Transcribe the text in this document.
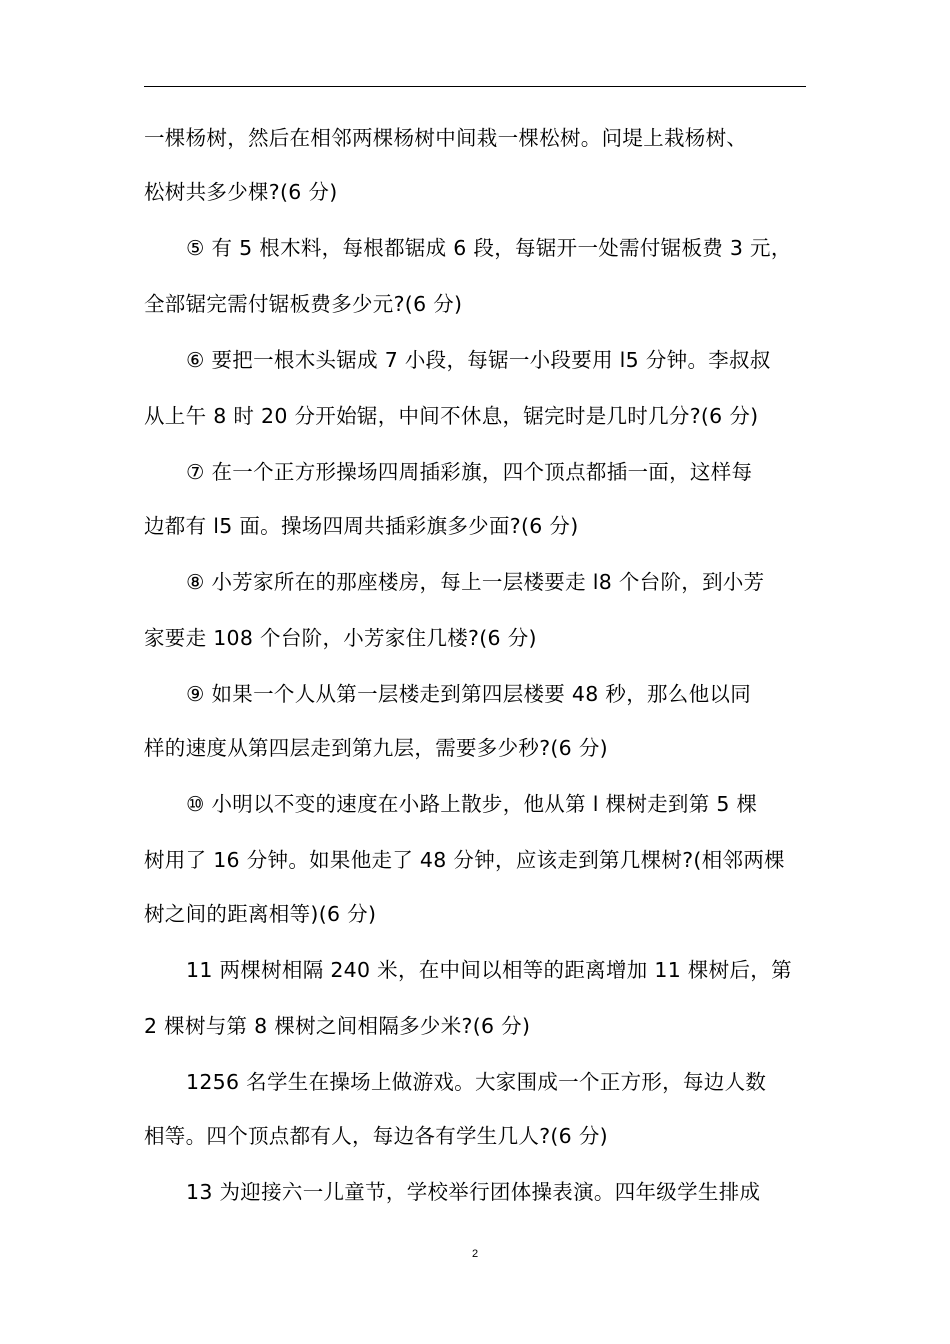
一棵杨树，然后在相邻两棵杨树中间栽一棵松树。问堤上栽杨树、
松树共多少棵?(6 分)
⑤ 有 5 根木料，每根都锯成 6 段，每锯开一处需付锯板费 3 元，
全部锯完需付锯板费多少元?(6 分)
⑥ 要把一根木头锯成 7 小段，每锯一小段要用 l5 分钟。李叔叔
从上午 8 时 20 分开始锯，中间不休息，锯完时是几时几分?(6 分)
⑦ 在一个正方形操场四周插彩旗，四个顶点都插一面，这样每
边都有 l5 面。操场四周共插彩旗多少面?(6 分)
⑧ 小芳家所在的那座楼房，每上一层楼要走 l8 个台阶，到小芳
家要走 108 个台阶，小芳家住几楼?(6 分)
⑨ 如果一个人从第一层楼走到第四层楼要 48 秒，那么他以同
样的速度从第四层走到第九层，需要多少秒?(6 分)
⑩ 小明以不变的速度在小路上散步，他从第 l 棵树走到第 5 棵
树用了 16 分钟。如果他走了 48 分钟，应该走到第几棵树?(相邻两棵
树之间的距离相等)(6 分)
11 两棵树相隔 240 米，在中间以相等的距离增加 11 棵树后，第
2 棵树与第 8 棵树之间相隔多少米?(6 分)
1256 名学生在操场上做游戏。大家围成一个正方形，每边人数
相等。四个顶点都有人，每边各有学生几人?(6 分)
13 为迎接六一儿童节，学校举行团体操表演。四年级学生排成
2
